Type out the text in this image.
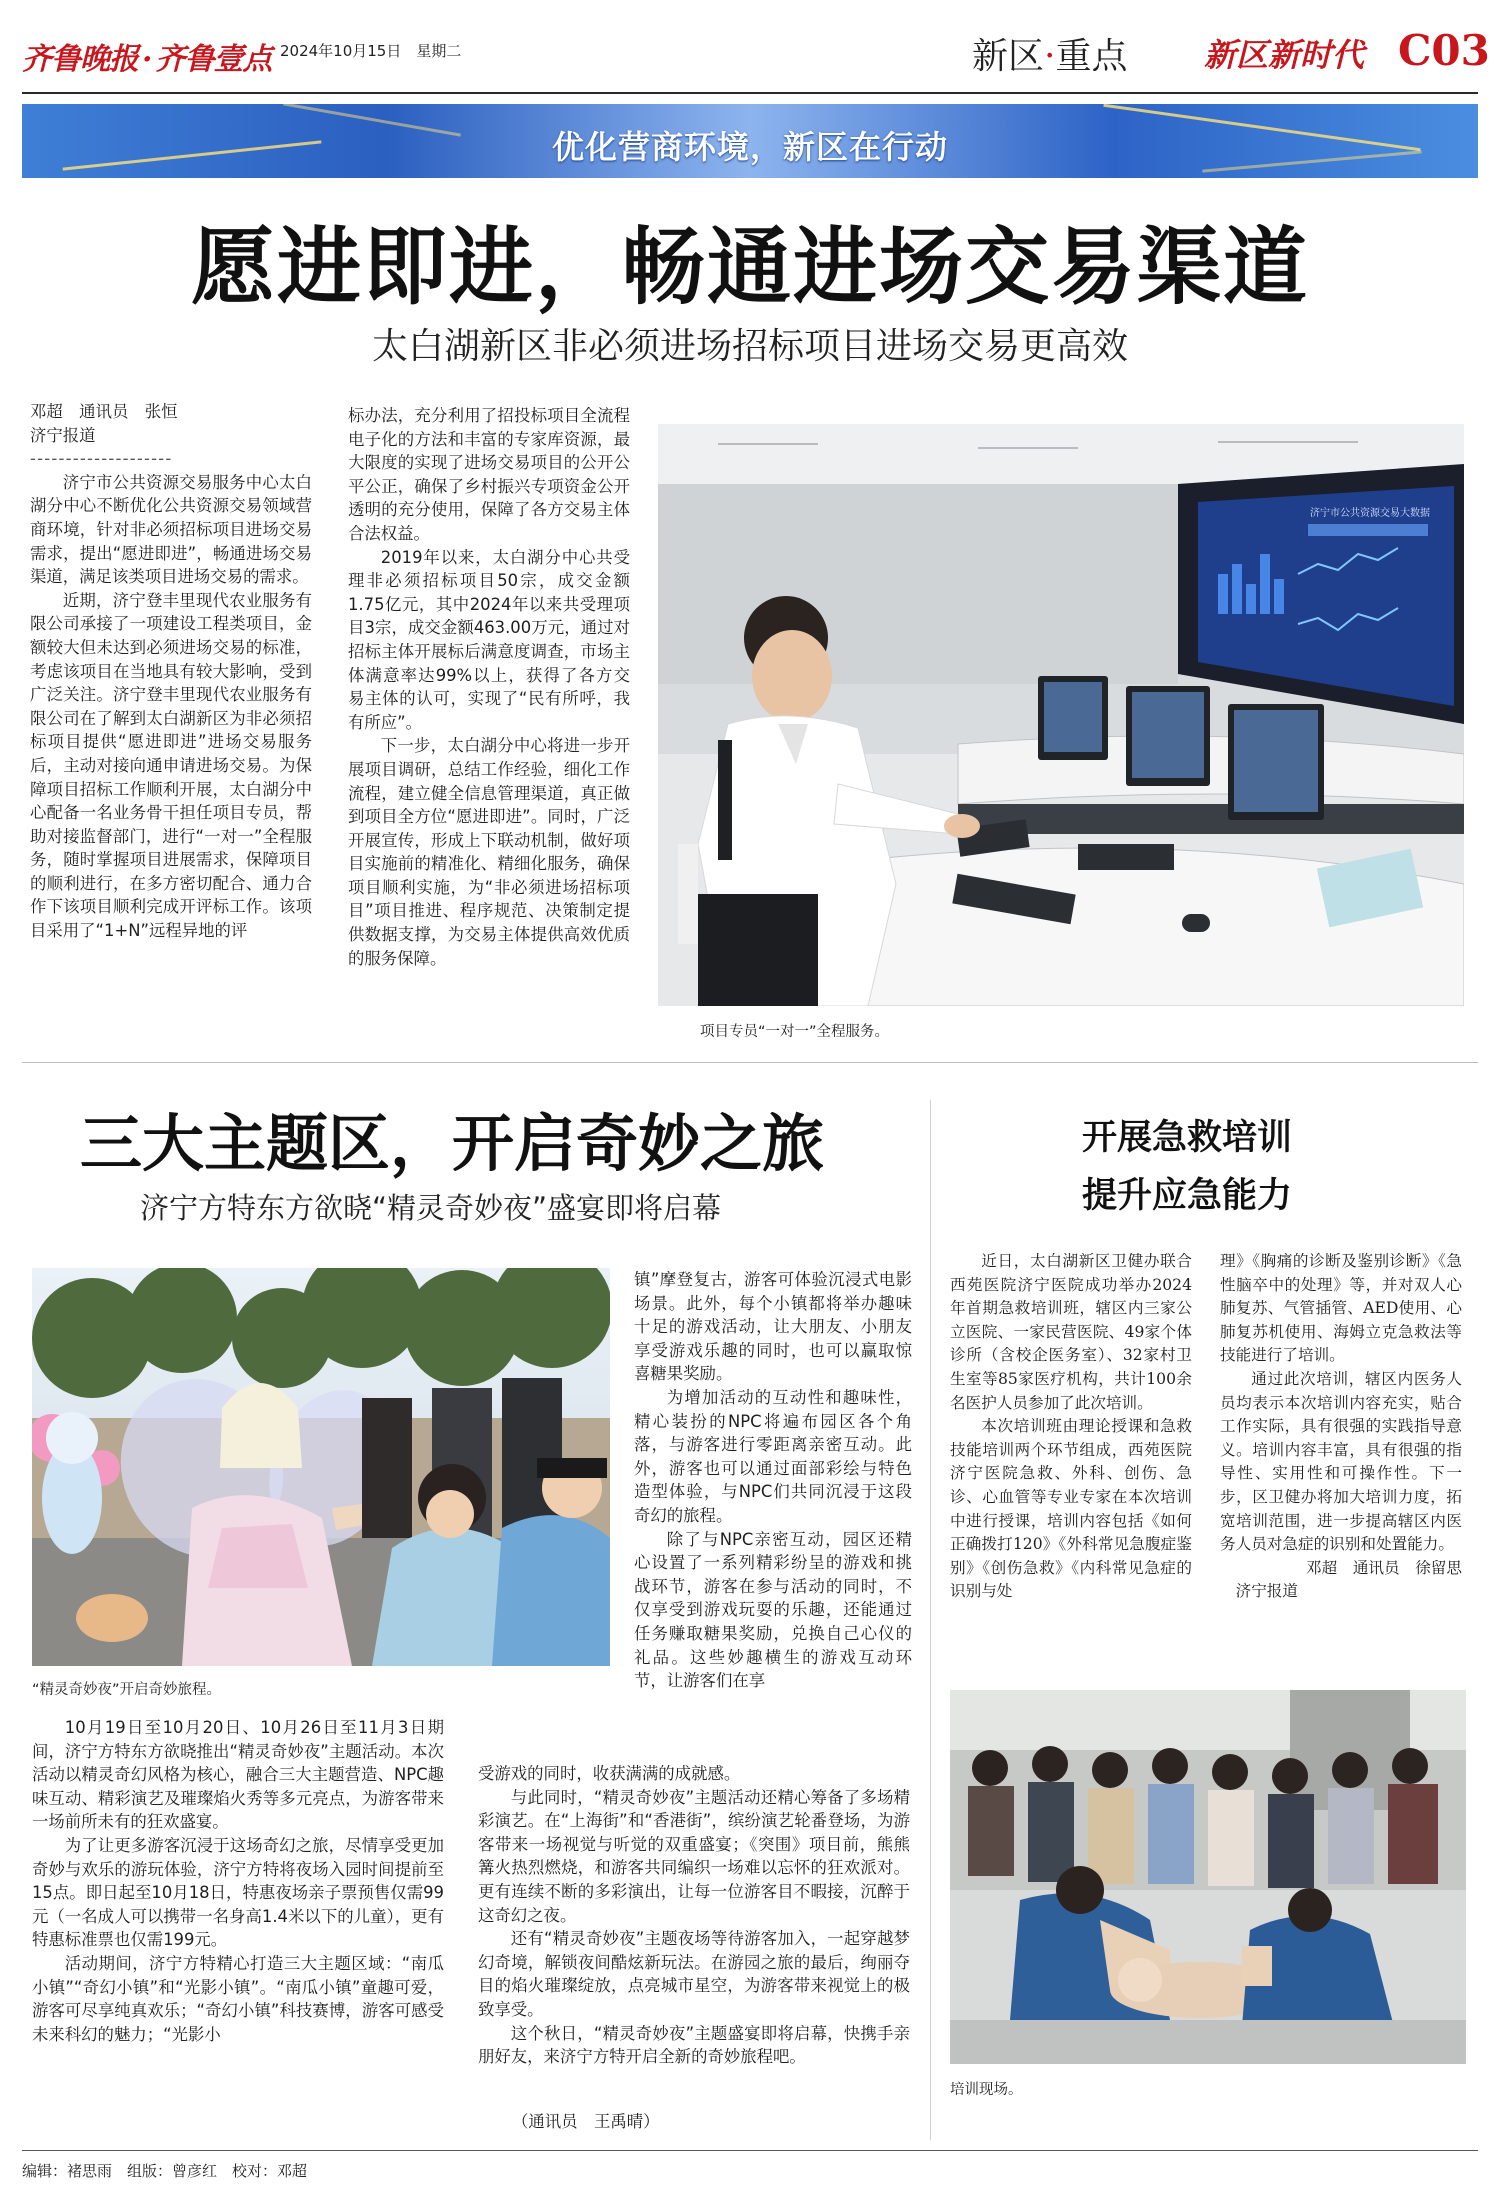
齐鲁晚报 · 齐鲁壹点 2024年10月15日　星期二	新区·重点 新区新时代 C03
优化营商环境，新区在行动
愿进即进，畅通进场交易渠道
太白湖新区非必须进场招标项目进场交易更高效

邓超　通讯员　张恒

济宁报道

- - - - - - - - - - - - - - - - - - - -

济宁市公共资源交易服务中心太白湖分中心不断优化公共资源交易领域营商环境，针对非必须招标项目进场交易需求，提出“愿进即进”，畅通进场交易渠道，满足该类项目进场交易的需求。

近期，济宁登丰里现代农业服务有限公司承接了一项建设工程类项目，金额较大但未达到必须进场交易的标准，考虑该项目在当地具有较大影响，受到广泛关注。济宁登丰里现代农业服务有限公司在了解到太白湖新区为非必须招标项目提供“愿进即进”进场交易服务后，主动对接向通申请进场交易。为保障项目招标工作顺利开展，太白湖分中心配备一名业务骨干担任项目专员，帮助对接监督部门，进行“一对一”全程服务，随时掌握项目进展需求，保障项目的顺利进行，在多方密切配合、通力合作下该项目顺利完成开评标工作。该项目采用了“1+N”远程异地的评

标办法，充分利用了招投标项目全流程电子化的方法和丰富的专家库资源，最大限度的实现了进场交易项目的公开公平公正，确保了乡村振兴专项资金公开透明的充分使用，保障了各方交易主体合法权益。

2019年以来，太白湖分中心共受理非必须招标项目50宗，成交金额1.75亿元，其中2024年以来共受理项目3宗，成交金额463.00万元，通过对招标主体开展标后满意度调查，市场主体满意率达99%以上，获得了各方交易主体的认可，实现了“民有所呼，我有所应”。

下一步，太白湖分中心将进一步开展项目调研，总结工作经验，细化工作流程，建立健全信息管理渠道，真正做到项目全方位“愿进即进”。同时，广泛开展宣传，形成上下联动机制，做好项目实施前的精准化、精细化服务，确保项目顺利实施，为“非必须进场招标项目”项目推进、程序规范、决策制定提供数据支撑，为交易主体提供高效优质的服务保障。

济宁市公共资源交易大数据
项目专员“一对一”全程服务。
三大主题区，开启奇妙之旅
济宁方特东方欲晓“精灵奇妙夜”盛宴即将启幕
“精灵奇妙夜”开启奇妙旅程。

10月19日至10月20日、10月26日至11月3日期间，济宁方特东方欲晓推出“精灵奇妙夜”主题活动。本次活动以精灵奇幻风格为核心，融合三大主题营造、NPC趣味互动、精彩演艺及璀璨焰火秀等多元亮点，为游客带来一场前所未有的狂欢盛宴。

为了让更多游客沉浸于这场奇幻之旅，尽情享受更加奇妙与欢乐的游玩体验，济宁方特将夜场入园时间提前至15点。即日起至10月18日，特惠夜场亲子票预售仅需99元（一名成人可以携带一名身高1.4米以下的儿童），更有特惠标准票也仅需199元。

活动期间，济宁方特精心打造三大主题区域：“南瓜小镇”“奇幻小镇”和“光影小镇”。“南瓜小镇”童趣可爱，游客可尽享纯真欢乐；“奇幻小镇”科技赛博，游客可感受未来科幻的魅力；“光影小

镇”摩登复古，游客可体验沉浸式电影场景。此外，每个小镇都将举办趣味十足的游戏活动，让大朋友、小朋友享受游戏乐趣的同时，也可以赢取惊喜糖果奖励。

为增加活动的互动性和趣味性，精心装扮的NPC将遍布园区各个角落，与游客进行零距离亲密互动。此外，游客也可以通过面部彩绘与特色造型体验，与NPC们共同沉浸于这段奇幻的旅程。

除了与NPC亲密互动，园区还精心设置了一系列精彩纷呈的游戏和挑战环节，游客在参与活动的同时，不仅享受到游戏玩耍的乐趣，还能通过任务赚取糖果奖励，兑换自己心仪的礼品。这些妙趣横生的游戏互动环节，让游客们在享

受游戏的同时，收获满满的成就感。

与此同时，“精灵奇妙夜”主题活动还精心筹备了多场精彩演艺。在“上海街”和“香港街”，缤纷演艺轮番登场，为游客带来一场视觉与听觉的双重盛宴；《突围》项目前，熊熊篝火热烈燃烧，和游客共同编织一场难以忘怀的狂欢派对。更有连续不断的多彩演出，让每一位游客目不暇接，沉醉于这奇幻之夜。

还有“精灵奇妙夜”主题夜场等待游客加入，一起穿越梦幻奇境，解锁夜间酷炫新玩法。在游园之旅的最后，绚丽夺目的焰火璀璨绽放，点亮城市星空，为游客带来视觉上的极致享受。

这个秋日，“精灵奇妙夜”主题盛宴即将启幕，快携手亲朋好友，来济宁方特开启全新的奇妙旅程吧。

（通讯员　王禹晴）

开展急救培训
提升应急能力

近日，太白湖新区卫健办联合西苑医院济宁医院成功举办2024年首期急救培训班，辖区内三家公立医院、一家民营医院、49家个体诊所（含校企医务室）、32家村卫生室等85家医疗机构，共计100余名医护人员参加了此次培训。

本次培训班由理论授课和急救技能培训两个环节组成，西苑医院济宁医院急救、外科、创伤、急诊、心血管等专业专家在本次培训中进行授课，培训内容包括《如何正确拨打120》《外科常见急腹症鉴别》《创伤急救》《内科常见急症的识别与处

理》《胸痛的诊断及鉴别诊断》《急性脑卒中的处理》等，并对双人心肺复苏、气管插管、AED使用、心肺复苏机使用、海姆立克急救法等技能进行了培训。

通过此次培训，辖区内医务人员均表示本次培训内容充实，贴合工作实际，具有很强的实践指导意义。培训内容丰富，具有很强的指导性、实用性和可操作性。下一步，区卫健办将加大培训力度，拓宽培训范围，进一步提高辖区内医务人员对急症的识别和处置能力。

邓超　通讯员　徐留思

济宁报道

培训现场。
编辑：褚思雨　组版：曾彦红　校对：邓超
